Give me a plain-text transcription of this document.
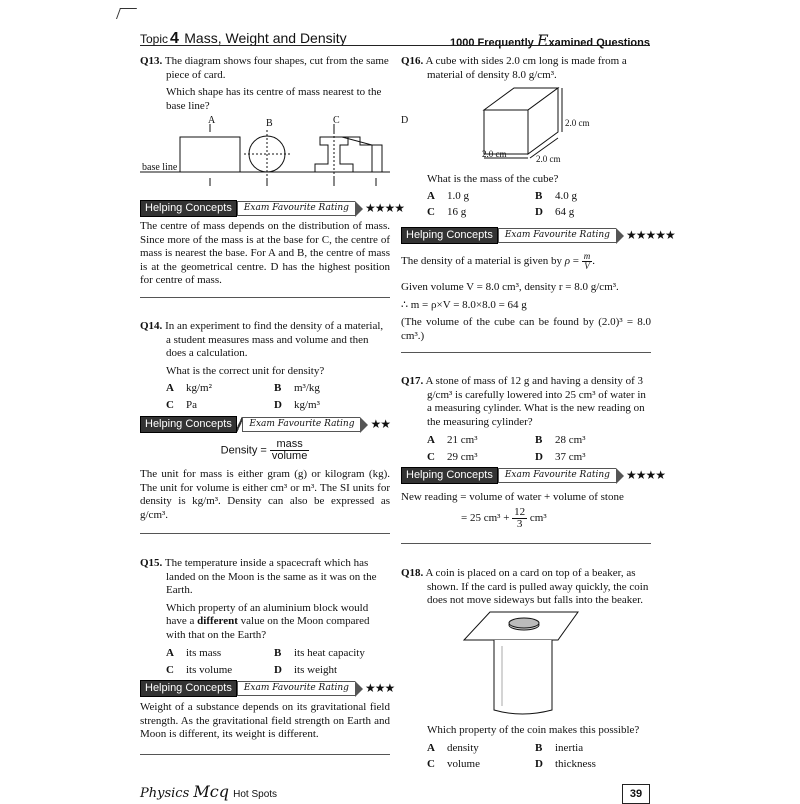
Topic 4 Mass, Weight and Density	1000 Frequently Examined Questions

Q13. The diagram shows four shapes, cut from the same piece of card.

Which shape has its centre of mass nearest to the base line?

A	B	C	D
base line
Helping Concepts	Exam Favourite Rating	★★★★

The centre of mass depends on the distribution of mass. Since more of the mass is at the base for C, the centre of mass is nearest the base. For A and B, the centre of mass is at the geometrical centre. D has the highest position for centre of mass.

Q14. In an experiment to find the density of a material, a student measures mass and volume and then does a calculation.

What is the correct unit for density?

A kg/m²	B m³/kg
C Pa	D kg/m³
Helping Concepts	Exam Favourite Rating	★★

Density = $\frac{\text{mass}}{\text{volume}}$

The unit for mass is either gram (g) or kilogram (kg). The unit for volume is either cm³ or m³. The SI units for density is kg/m³. Density can also be expressed as g/cm³.

Q15. The temperature inside a spacecraft which has landed on the Moon is the same as it was on the Earth.

Which property of an aluminium block would have a different value on the Moon compared with that on the Earth?

A its mass	B its heat capacity
C its volume	D its weight
Helping Concepts	Exam Favourite Rating	★★★

Weight of a substance depends on its gravitational field strength. As the gravitational field strength on Earth and Moon is different, its weight is different.

Q16. A cube with sides 2.0 cm long is made from a material of density 8.0 g/cm³.

2.0 cm
2.0 cm	2.0 cm

What is the mass of the cube?

A 1.0 g	B 4.0 g
C 16 g	D 64 g
Helping Concepts	Exam Favourite Rating	★★★★★

The density of a material is given by $\rho = \frac{m}{V}$ .

Given volume V = 8.0 cm³, density r = 8.0 g/cm³.

∴ m = ρ×V = 8.0×8.0 = 64 g

(The volume of the cube can be found by (2.0)³ = 8.0 cm³.)

Q17. A stone of mass of 12 g and having a density of 3 g/cm³ is carefully lowered into 25 cm³ of water in a measuring cylinder. What is the new reading on the measuring cylinder?

A 21 cm³	B 28 cm³
C 29 cm³	D 37 cm³
Helping Concepts	Exam Favourite Rating	★★★★

New reading = volume of water + volume of stone

= 25 $cm^3 + \frac{12}{3} cm^3$

Q18. A coin is placed on a card on top of a beaker, as shown. If the card is pulled away quickly, the coin does not move sideways but falls into the beaker.

Which property of the coin makes this possible?

A density	B inertia
C volume	D thickness
Physics Mcq Hot Spots	39
